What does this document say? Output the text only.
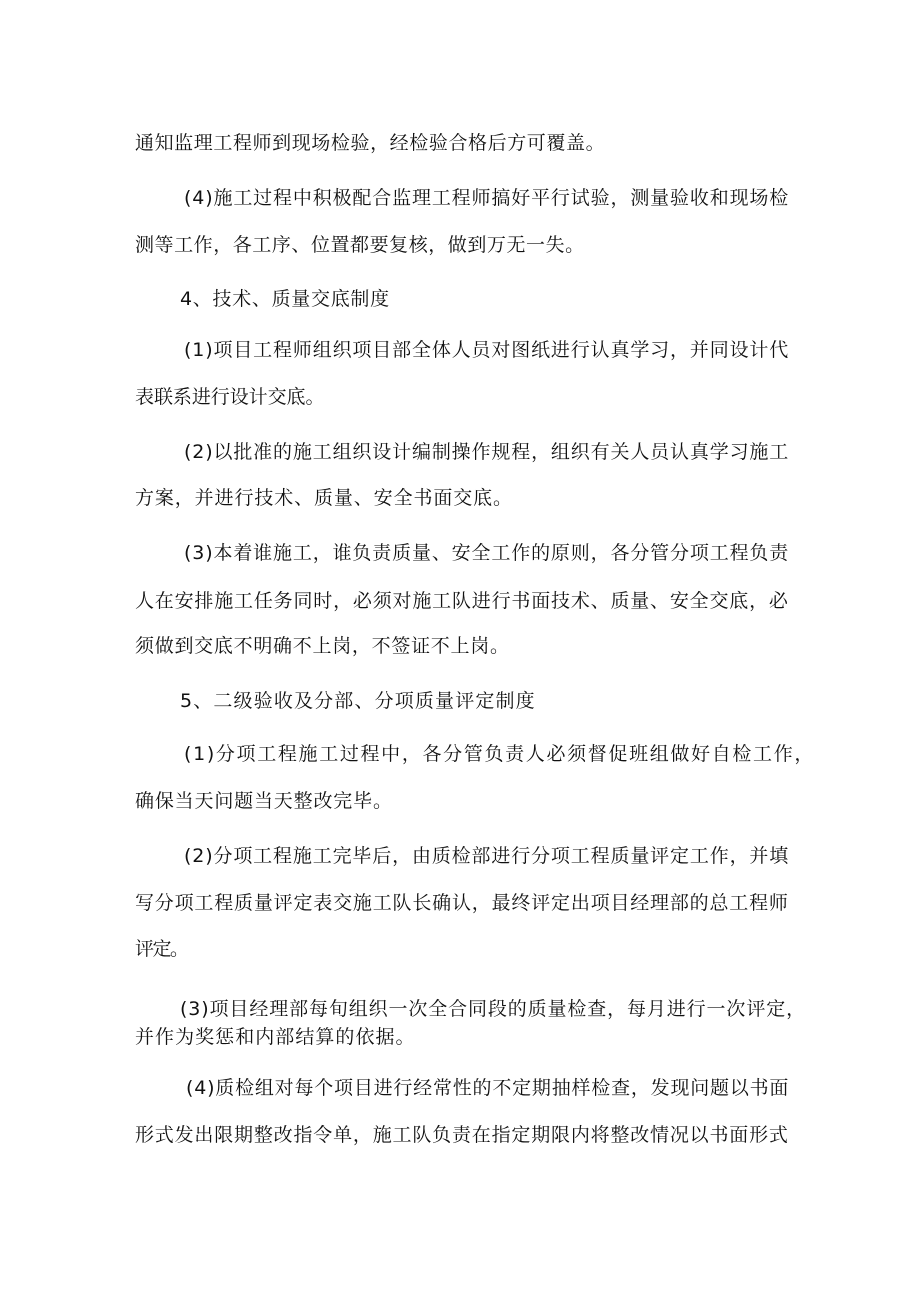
通知监理工程师到现场检验，经检验合格后方可覆盖。

(4)施工过程中积极配合监理工程师搞好平行试验，测量验收和现场检

测等工作，各工序、位置都要复核，做到万无一失。

4、技术、质量交底制度

(1)项目工程师组织项目部全体人员对图纸进行认真学习，并同设计代

表联系进行设计交底。

(2)以批准的施工组织设计编制操作规程，组织有关人员认真学习施工

方案，并进行技术、质量、安全书面交底。

(3)本着谁施工，谁负责质量、安全工作的原则，各分管分项工程负责

人在安排施工任务同时，必须对施工队进行书面技术、质量、安全交底，必

须做到交底不明确不上岗，不签证不上岗。

5、二级验收及分部、分项质量评定制度

(1)分项工程施工过程中，各分管负责人必须督促班组做好自检工作，

确保当天问题当天整改完毕。

(2)分项工程施工完毕后，由质检部进行分项工程质量评定工作，并填

写分项工程质量评定表交施工队长确认，最终评定出项目经理部的总工程师

评定。

(3)项目经理部每旬组织一次全合同段的质量检查，每月进行一次评定，

并作为奖惩和内部结算的依据。

(4)质检组对每个项目进行经常性的不定期抽样检查，发现问题以书面

形式发出限期整改指令单，施工队负责在指定期限内将整改情况以书面形式
